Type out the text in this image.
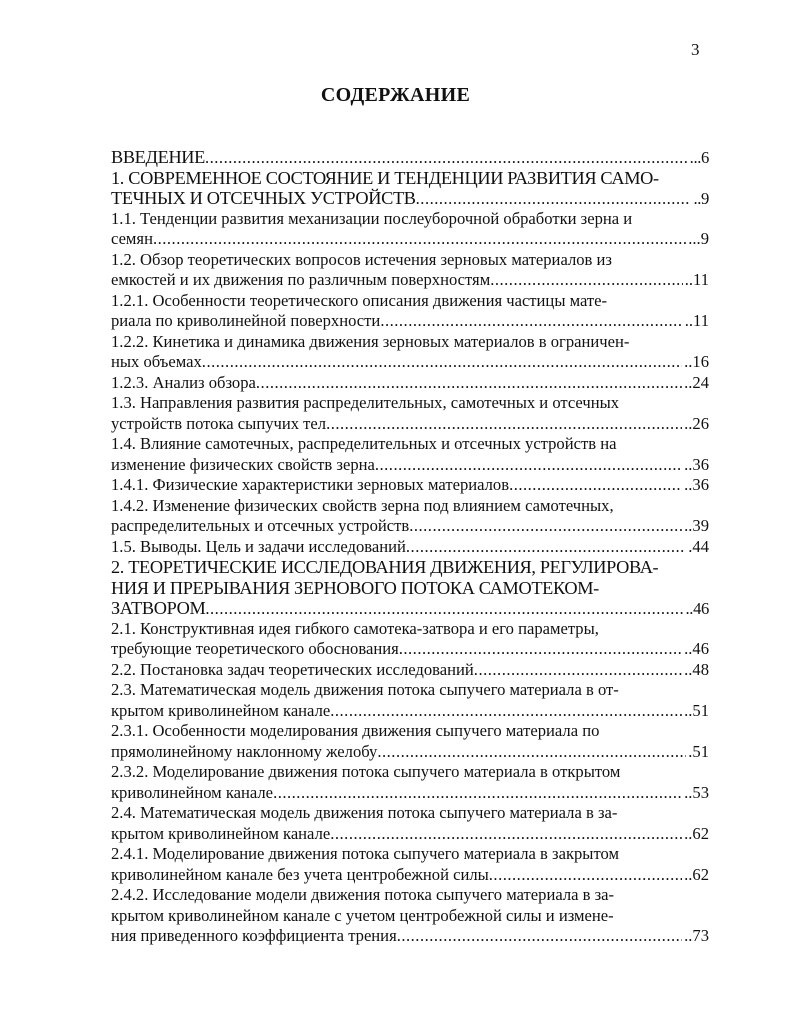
3
СОДЕРЖАНИЕ
ВВЕДЕНИЕ .....	...6
1. СОВРЕМЕННОЕ СОСТОЯНИЕ И ТЕНДЕНЦИИ РАЗВИТИЯ САМО-
ТЕЧНЫХ И ОТСЕЧНЫХ УСТРОЙСТВ .....	..9
1.1. Тенденции развития механизации послеуборочной обработки зерна и
семян .....	...9
1.2. Обзор теоретических вопросов истечения зерновых материалов из
емкостей и их движения по различным поверхностям .....	..11
1.2.1. Особенности теоретического описания движения частицы мате-
риала по криволинейной поверхности .....	..11
1.2.2. Кинетика и динамика движения зерновых материалов в ограничен-
ных объемах .....	..16
1.2.3. Анализ обзора .....	..24
1.3. Направления развития распределительных, самотечных и отсечных
устройств потока сыпучих тел .....	..26
1.4. Влияние самотечных, распределительных и отсечных устройств на
изменение физических свойств зерна .....	..36
1.4.1. Физические характеристики зерновых материалов .....	..36
1.4.2. Изменение физических свойств зерна под влиянием самотечных,
распределительных и отсечных устройств .....	..39
1.5. Выводы. Цель и задачи исследований .....	.44
2. ТЕОРЕТИЧЕСКИЕ ИССЛЕДОВАНИЯ ДВИЖЕНИЯ, РЕГУЛИРОВА-
НИЯ И ПРЕРЫВАНИЯ ЗЕРНОВОГО ПОТОКА САМОТЕКОМ-
ЗАТВОРОМ .....	..46
2.1. Конструктивная идея гибкого самотека-затвора и его параметры,
требующие теоретического обоснования .....	..46
2.2. Постановка задач теоретических исследований .....	..48
2.3. Математическая модель движения потока сыпучего материала в от-
крытом криволинейном канале .....	..51
2.3.1. Особенности моделирования движения сыпучего материала по
прямолинейному наклонному желобу .....	.51
2.3.2. Моделирование движения потока сыпучего материала в открытом
криволинейном канале .....	..53
2.4. Математическая модель движения потока сыпучего материала в за-
крытом криволинейном канале .....	..62
2.4.1. Моделирование движения потока сыпучего материала в закрытом
криволинейном канале без учета центробежной силы .....	..62
2.4.2. Исследование модели движения потока сыпучего материала в за-
крытом криволинейном канале с учетом центробежной силы и измене-
ния приведенного коэффициента трения .....	..73
